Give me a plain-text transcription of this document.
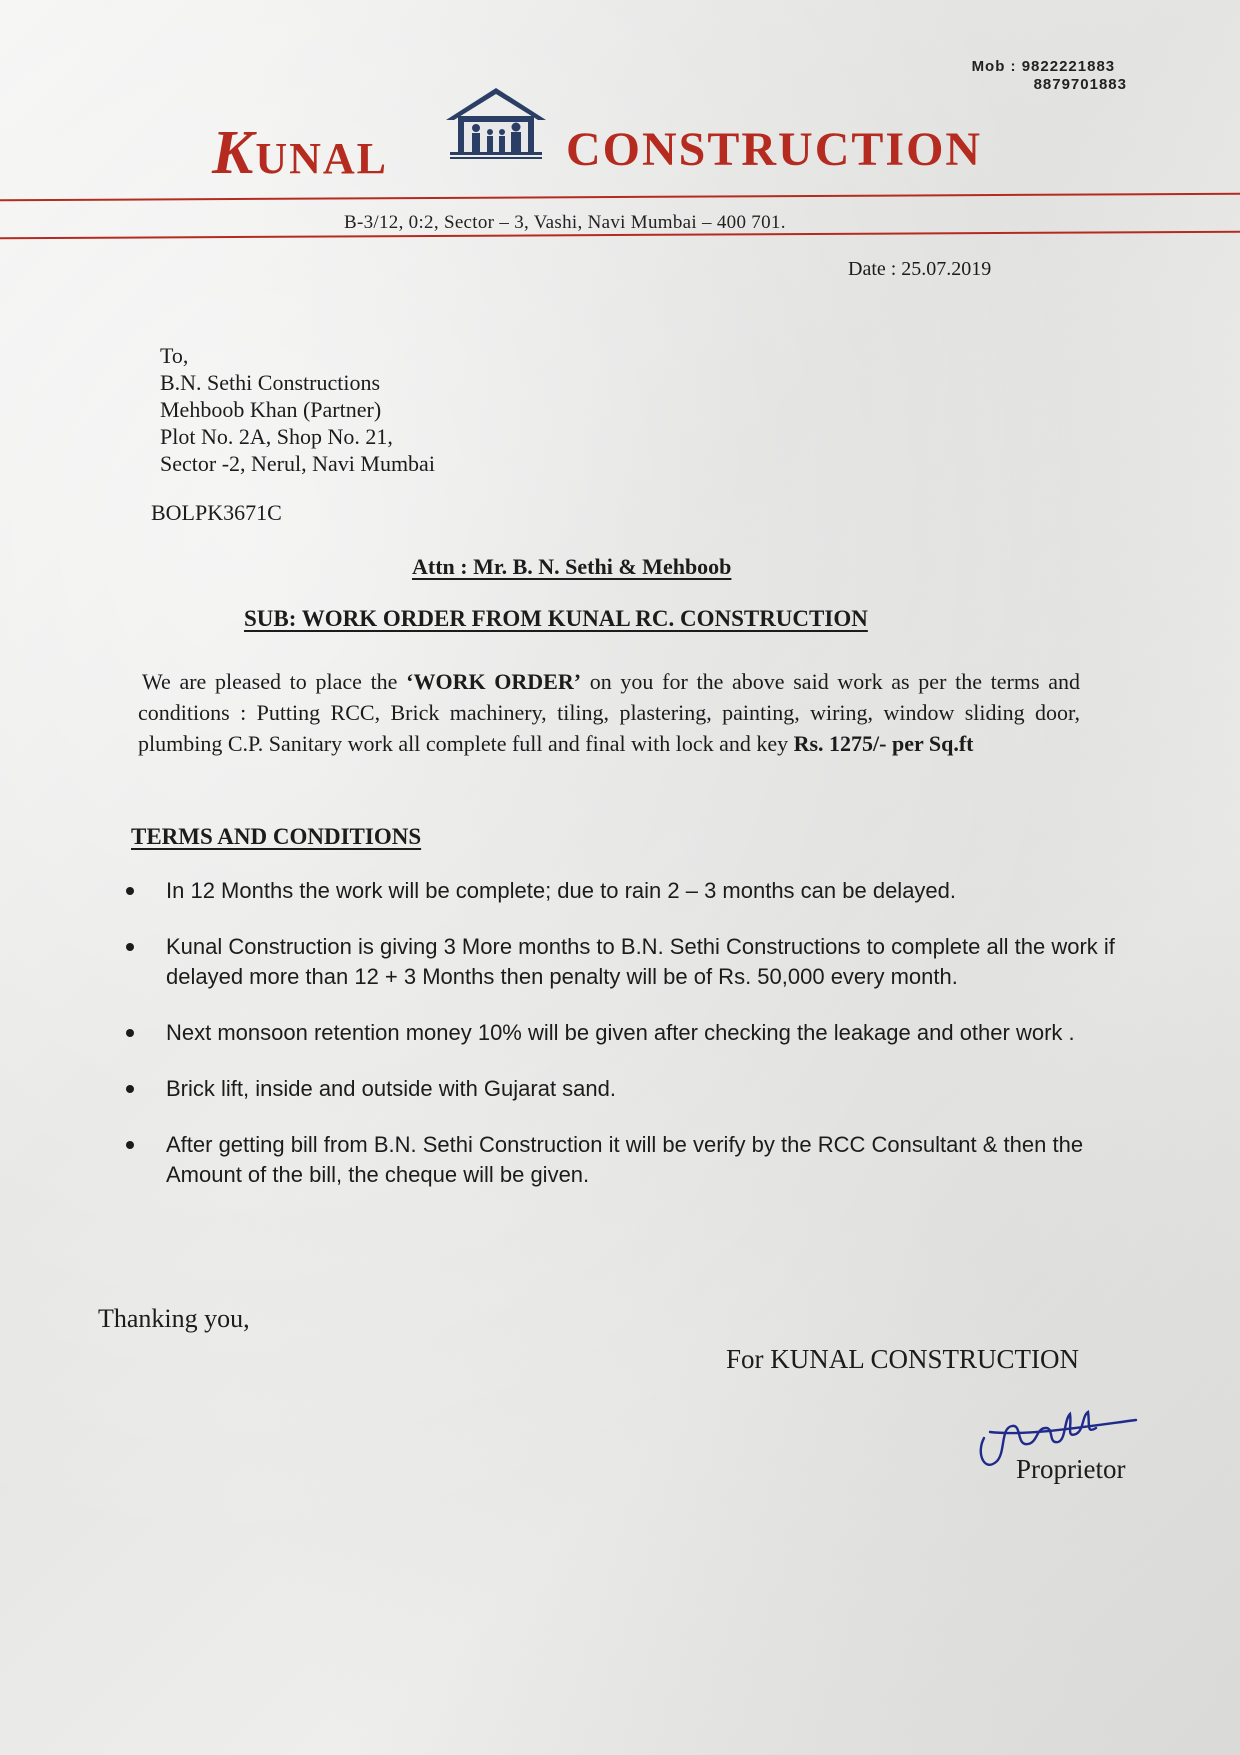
Mob : 9822221883
8879701883
KUNAL	CONSTRUCTION
B-3/12, 0:2, Sector – 3, Vashi, Navi Mumbai – 400 701.
Date : 25.07.2019
To,
B.N. Sethi Constructions
Mehboob Khan (Partner)
Plot No. 2A, Shop No. 21,
Sector -2, Nerul, Navi Mumbai
BOLPK3671C
Attn : Mr. B. N. Sethi & Mehboob
SUB: WORK ORDER FROM KUNAL RC. CONSTRUCTION
We are pleased to place the ‘WORK ORDER’ on you for the above said work as per the terms and conditions : Putting RCC, Brick machinery, tiling, plastering, painting, wiring, window sliding door, plumbing C.P. Sanitary work all complete full and final with lock and key Rs. 1275/- per Sq.ft
TERMS AND CONDITIONS
In 12 Months the work will be complete; due to rain 2 – 3 months can be delayed.
Kunal Construction is giving 3 More months to B.N. Sethi Constructions to complete all the work if delayed more than 12 + 3 Months then penalty will be of Rs. 50,000 every month.
Next monsoon retention money 10% will be given after checking the leakage and other work .
Brick lift, inside and outside with Gujarat sand.
After getting bill from B.N. Sethi Construction it will be verify by the RCC Consultant & then the Amount of the bill, the cheque will be given.
Thanking you,
For KUNAL CONSTRUCTION
Proprietor
